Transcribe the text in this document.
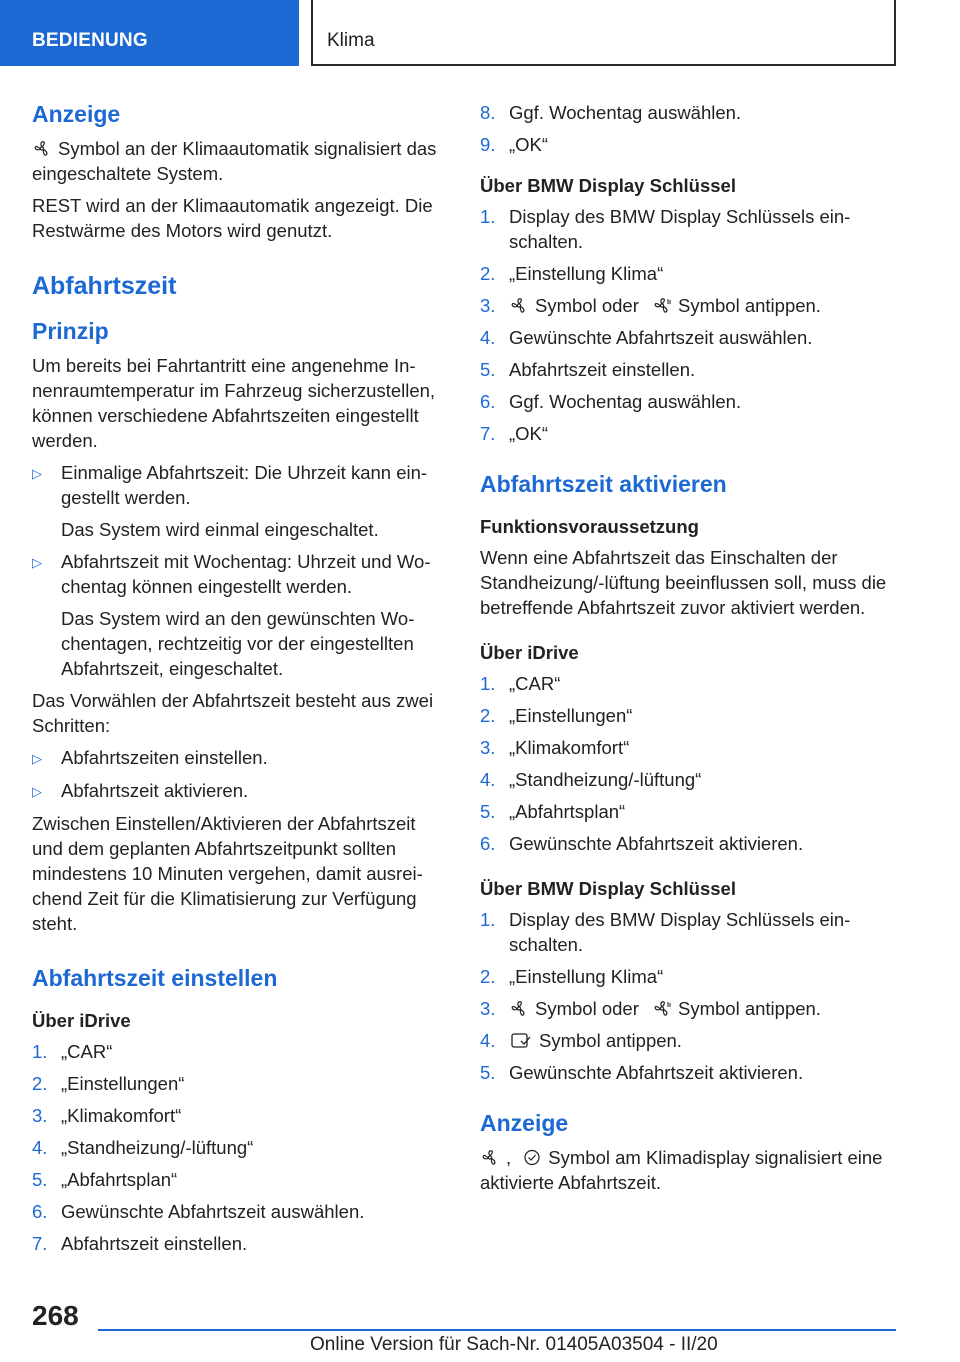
BEDIENUNG	Klima
Anzeige

Symbol an der Klimaautomatik signalisiert das eingeschaltete System.

REST wird an der Klimaautomatik angezeigt. Die Restwärme des Motors wird genutzt.

Abfahrtszeit
Prinzip

Um bereits bei Fahrtantritt eine angenehme Innenraumtemperatur im Fahrzeug sicherzustellen, können verschiedene Abfahrtszeiten eingestellt werden.

▷	Einmalige Abfahrtszeit: Die Uhrzeit kann eingestellt werden.
Das System wird einmal eingeschaltet.
▷	Abfahrtszeit mit Wochentag: Uhrzeit und Wochentag können eingestellt werden.
Das System wird an den gewünschten Wochentagen, rechtzeitig vor der eingestellten Abfahrtszeit, eingeschaltet.

Das Vorwählen der Abfahrtszeit besteht aus zwei Schritten:

▷	Abfahrtszeiten einstellen.
▷	Abfahrtszeit aktivieren.

Zwischen Einstellen/Aktivieren der Abfahrtszeit und dem geplanten Abfahrtszeitpunkt sollten mindestens 10 Minuten vergehen, damit ausreichend Zeit für die Klimatisierung zur Verfügung steht.

Abfahrtszeit einstellen
Über iDrive
1. „CAR“
2. „Einstellungen“
3. „Klimakomfort“
4. „Standheizung/-lüftung“
5. „Abfahrtsplan“
6. Gewünschte Abfahrtszeit auswählen.
7. Abfahrtszeit einstellen.
8. Ggf. Wochentag auswählen.
9. „OK“
Über BMW Display Schlüssel
1. Display des BMW Display Schlüssels einschalten.
2. „Einstellung Klima“
3.	Symbol oder Symbol antippen.
4. Gewünschte Abfahrtszeit auswählen.
5. Abfahrtszeit einstellen.
6. Ggf. Wochentag auswählen.
7. „OK“
Abfahrtszeit aktivieren
Funktionsvoraussetzung

Wenn eine Abfahrtszeit das Einschalten der Standheizung/-lüftung beeinflussen soll, muss die betreffende Abfahrtszeit zuvor aktiviert werden.

Über iDrive
1. „CAR“
2. „Einstellungen“
3. „Klimakomfort“
4. „Standheizung/-lüftung“
5. „Abfahrtsplan“
6. Gewünschte Abfahrtszeit aktivieren.
Über BMW Display Schlüssel
1. Display des BMW Display Schlüssels einschalten.
2. „Einstellung Klima“
3.	Symbol oder Symbol antippen.
4.	Symbol antippen.
5. Gewünschte Abfahrtszeit aktivieren.
Anzeige

, Symbol am Klimadisplay signalisiert eine aktivierte Abfahrtszeit.

268
Online Version für Sach-Nr. 01405A03504 - II/20
